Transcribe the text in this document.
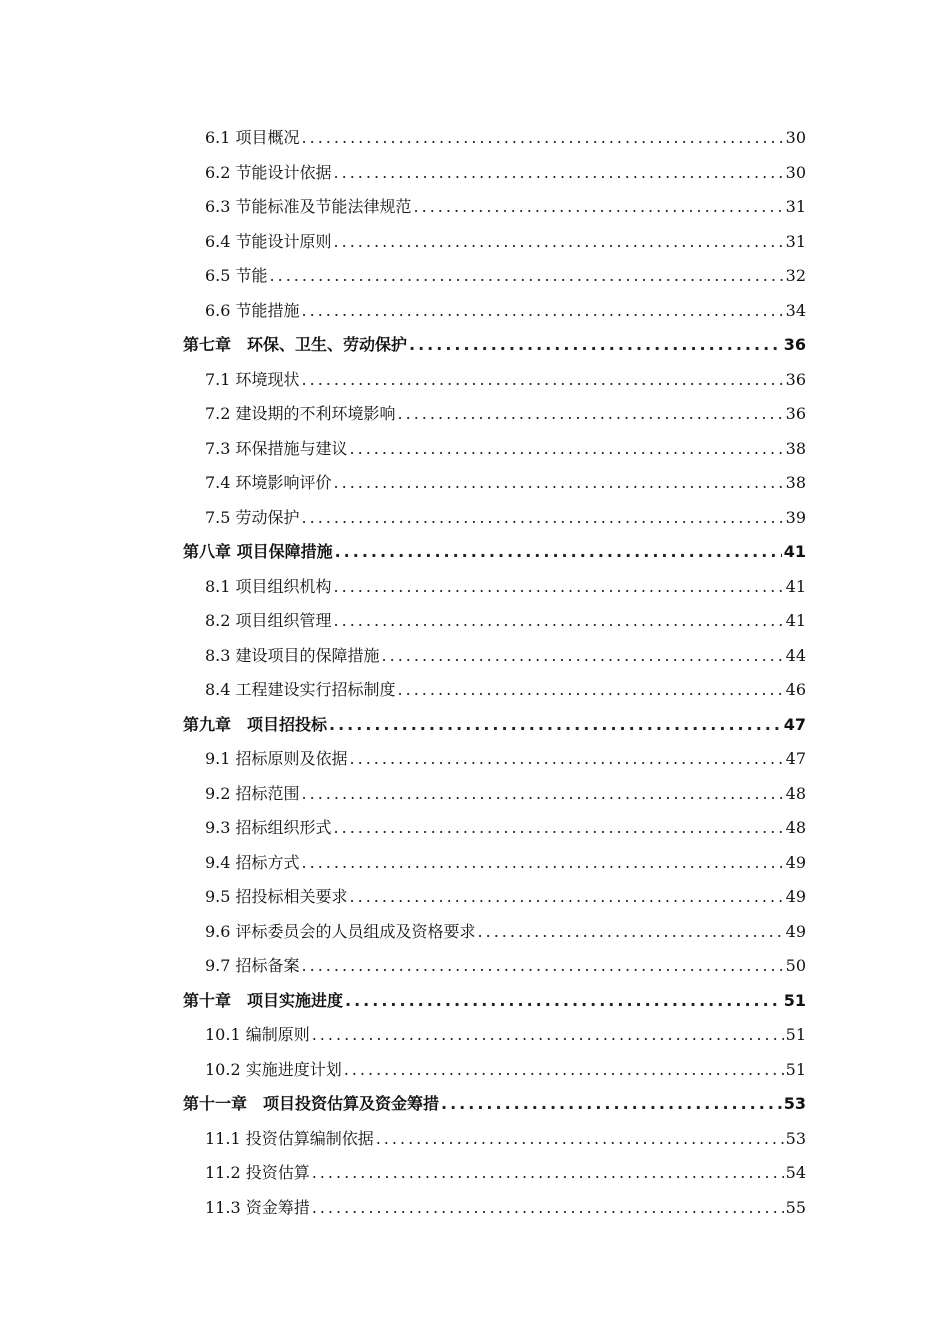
6.1 项目概况 .....	30
6.2 节能设计依据 .....	30
6.3 节能标准及节能法律规范 .....	31
6.4 节能设计原则 .....	31
6.5 节能 .....	32
6.6 节能措施 .....	34
第七章　环保、卫生、劳动保护 .....	36
7.1 环境现状 .....	36
7.2 建设期的不利环境影响 .....	36
7.3 环保措施与建议 .....	38
7.4 环境影响评价 .....	38
7.5 劳动保护 .....	39
第八章 项目保障措施 .....	41
8.1 项目组织机构 .....	41
8.2 项目组织管理 .....	41
8.3 建设项目的保障措施 .....	44
8.4 工程建设实行招标制度 .....	46
第九章　项目招投标 .....	47
9.1 招标原则及依据 .....	47
9.2 招标范围 .....	48
9.3 招标组织形式 .....	48
9.4 招标方式 .....	49
9.5 招投标相关要求 .....	49
9.6 评标委员会的人员组成及资格要求 .....	49
9.7 招标备案 .....	50
第十章　项目实施进度 .....	51
10.1 编制原则 .....	51
10.2 实施进度计划 .....	51
第十一章　项目投资估算及资金筹措 .....	53
11.1 投资估算编制依据 .....	53
11.2 投资估算 .....	54
11.3 资金筹措 .....	55
